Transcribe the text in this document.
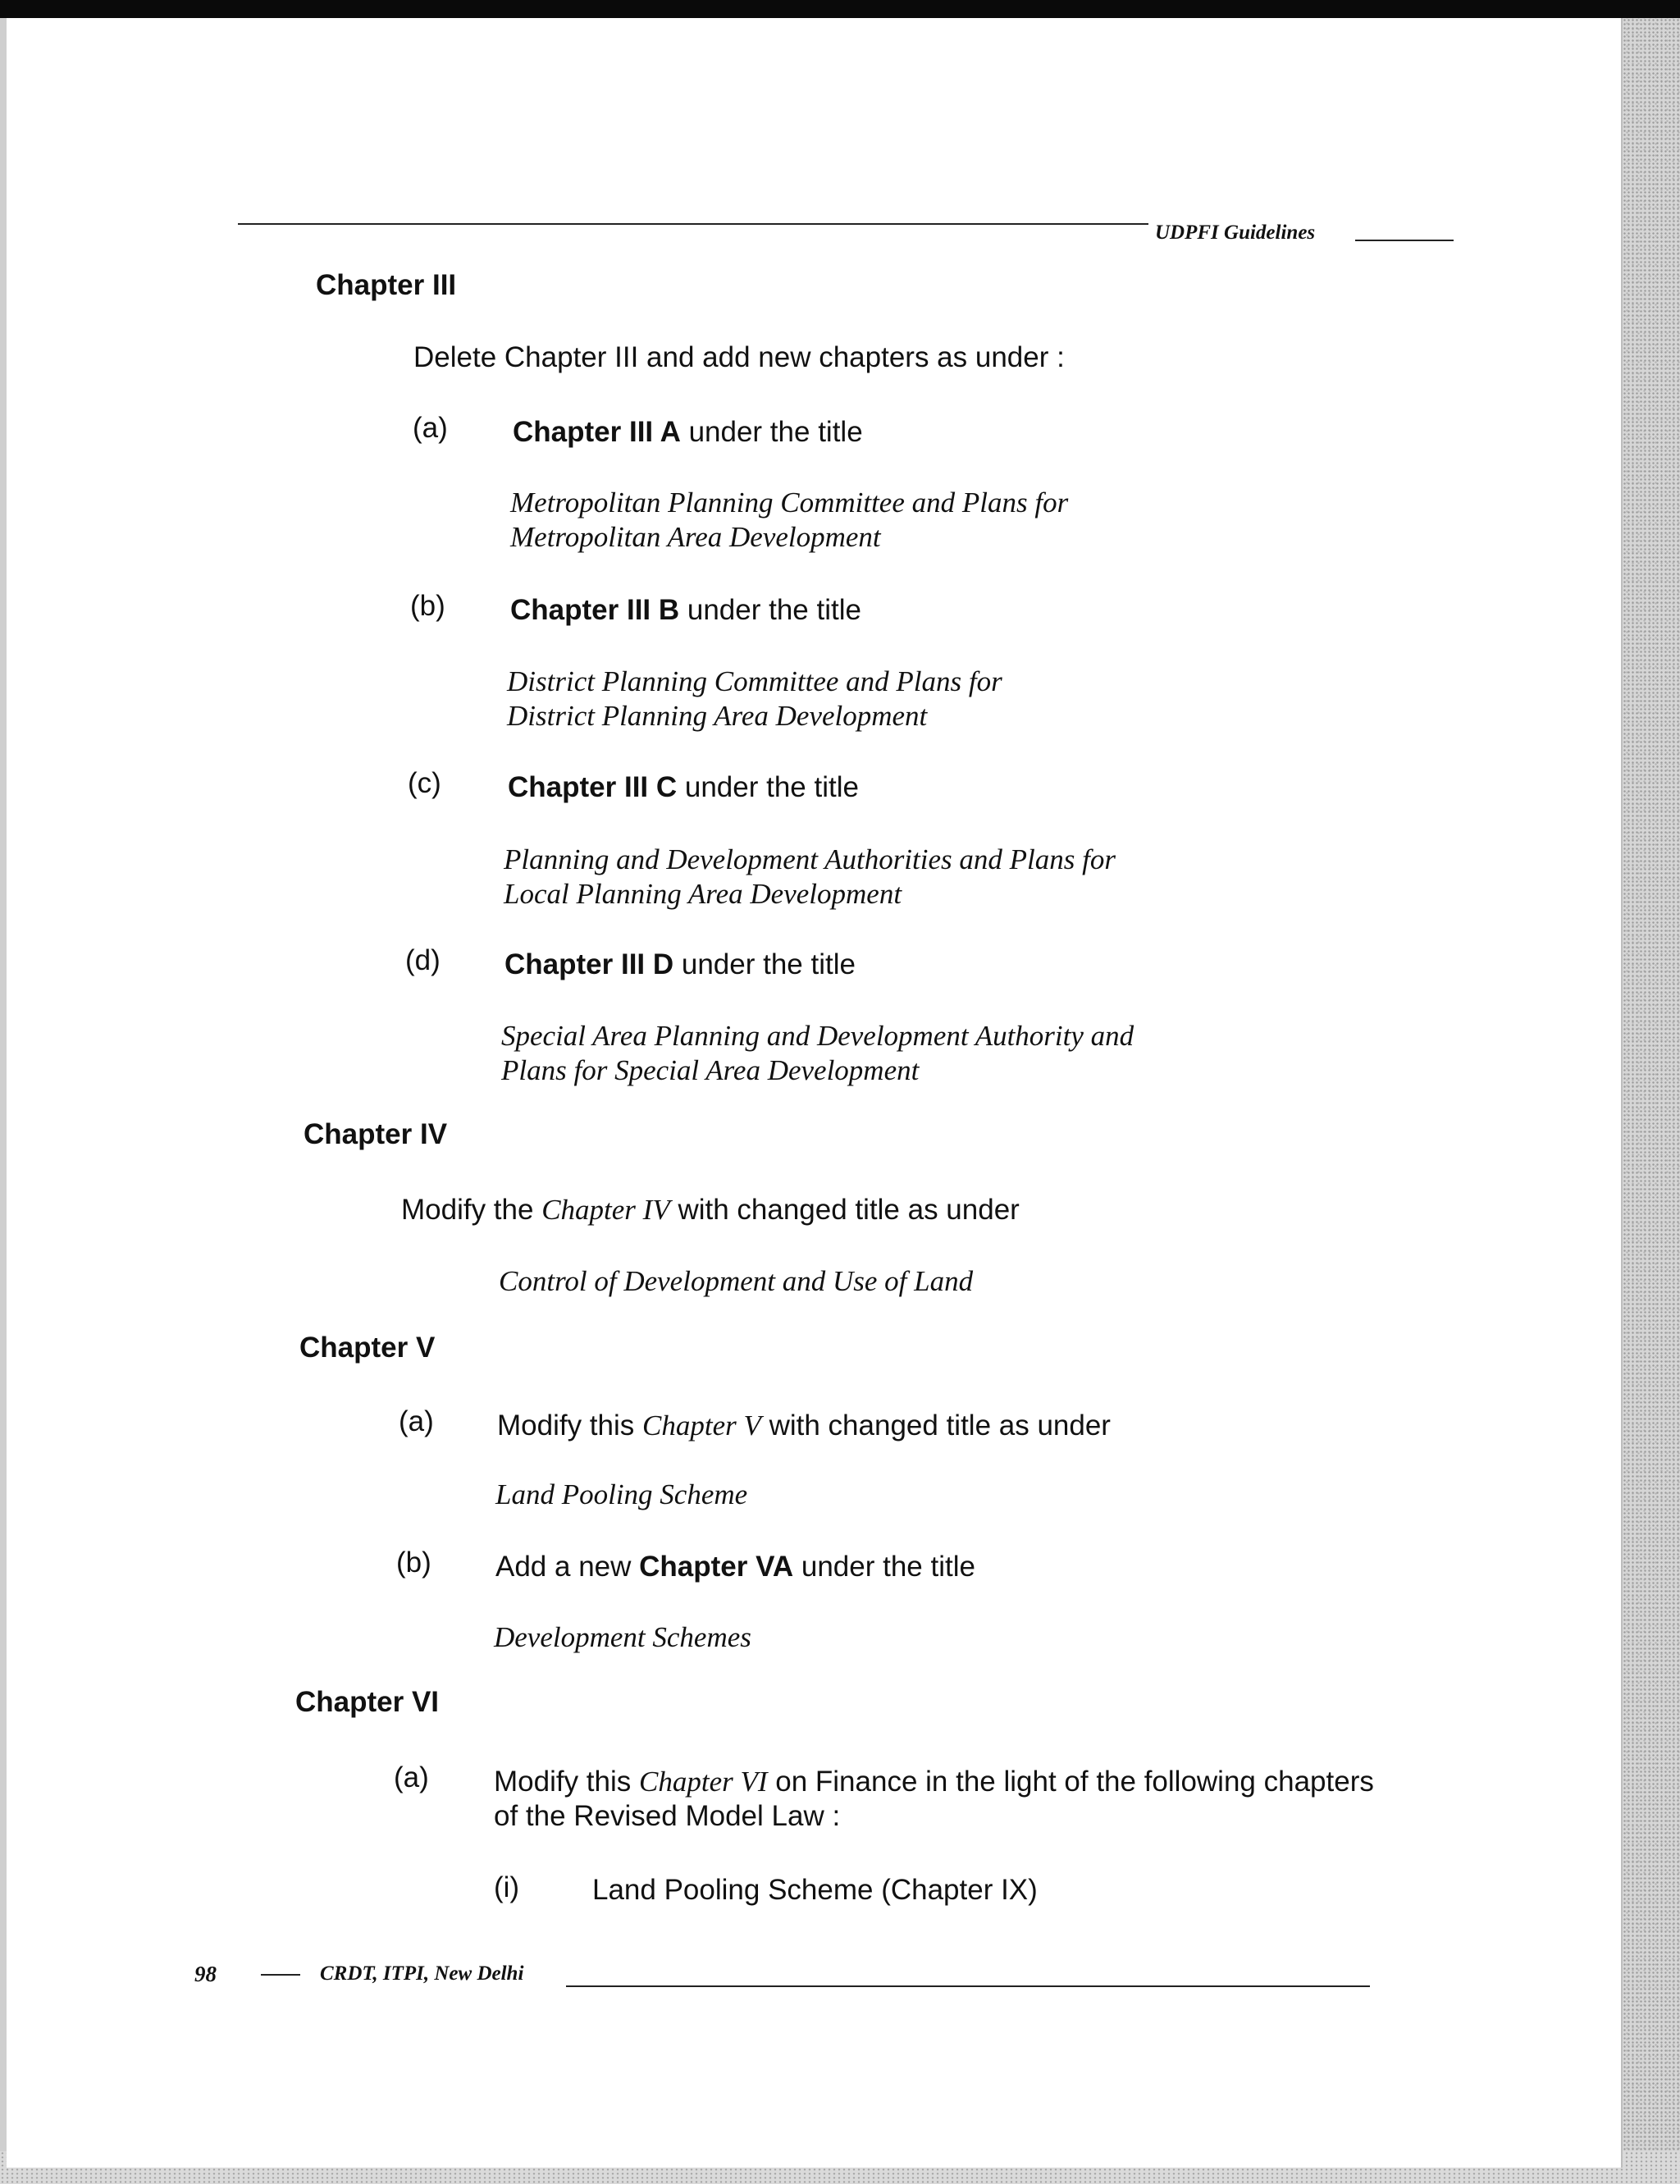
UDPFI Guidelines
Chapter III
Delete Chapter III and add new chapters as under :
(a) Chapter III A under the title
Metropolitan Planning Committee and Plans for
Metropolitan Area Development
(b) Chapter III B under the title
District Planning Committee and Plans for
District Planning Area Development
(c) Chapter III C under the title
Planning and Development Authorities and Plans for
Local Planning Area Development
(d) Chapter III D under the title
Special Area Planning and Development Authority and
Plans for Special Area Development
Chapter IV
Modify the Chapter IV with changed title as under
Control of Development and Use of Land
Chapter V
(a) Modify this Chapter V with changed title as under
Land Pooling Scheme
(b) Add a new Chapter VA under the title
Development Schemes
Chapter VI
(a) Modify this Chapter VI on Finance in the light of the following chapters
of the Revised Model Law :
(i)	Land Pooling Scheme (Chapter IX)
98	CRDT, ITPI, New Delhi
